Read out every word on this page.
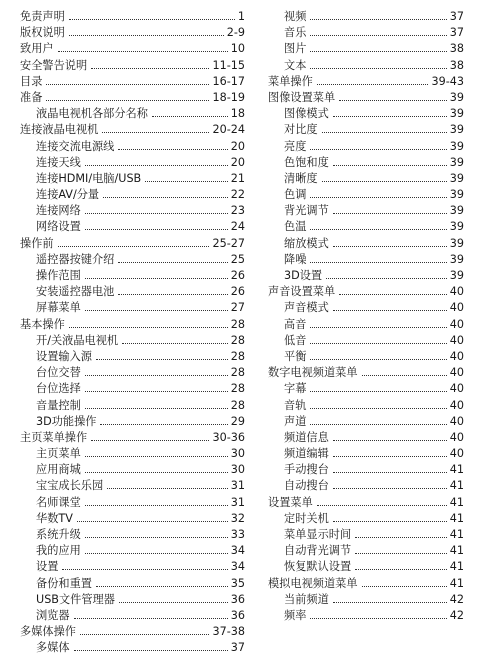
免责声明	1
版权说明	2-9
致用户	10
安全警告说明	11-15
目录	16-17
准备	18-19
液晶电视机各部分名称	18
连接液晶电视机	20-24
连接交流电源线	20
连接天线	20
连接HDMI/电脑/USB	21
连接AV/分量	22
连接网络	23
网络设置	24
操作前	25-27
遥控器按键介绍	25
操作范围	26
安装遥控器电池	26
屏幕菜单	27
基本操作	28
开/关液晶电视机	28
设置输入源	28
台位交替	28
台位选择	28
音量控制	28
3D功能操作	29
主页菜单操作	30-36
主页菜单	30
应用商城	30
宝宝成长乐园	31
名师课堂	31
华数TV	32
系统升级	33
我的应用	34
设置	34
备份和重置	35
USB文件管理器	36
浏览器	36
多媒体操作	37-38
多媒体	37
视频	37
音乐	37
图片	38
文本	38
菜单操作	39-43
图像设置菜单	39
图像模式	39
对比度	39
亮度	39
色饱和度	39
清晰度	39
色调	39
背光调节	39
色温	39
缩放模式	39
降噪	39
3D设置	39
声音设置菜单	40
声音模式	40
高音	40
低音	40
平衡	40
数字电视频道菜单	40
字幕	40
音轨	40
声道	40
频道信息	40
频道编辑	40
手动搜台	41
自动搜台	41
设置菜单	41
定时关机	41
菜单显示时间	41
自动背光调节	41
恢复默认设置	41
模拟电视频道菜单	41
当前频道	42
频率	42
